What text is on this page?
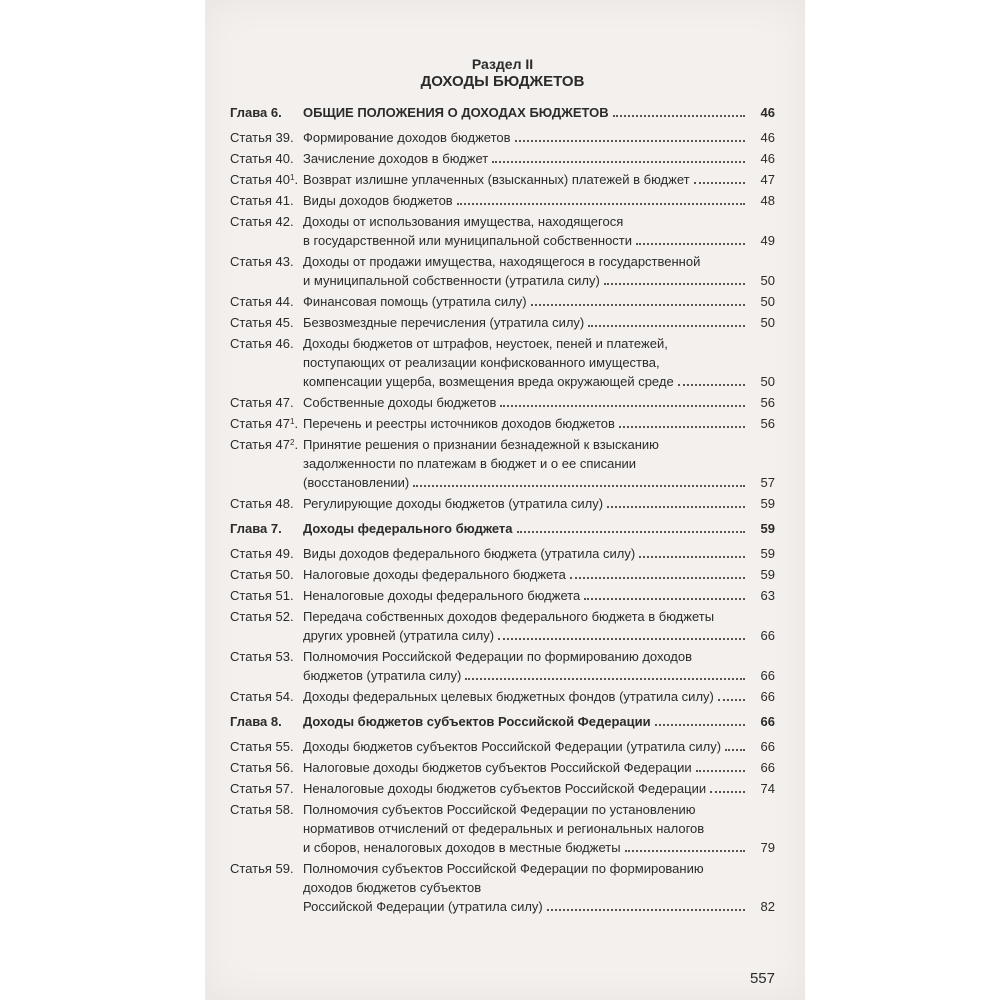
Раздел II
ДОХОДЫ БЮДЖЕТОВ
Глава 6. ОБЩИЕ ПОЛОЖЕНИЯ О ДОХОДАХ БЮДЖЕТОВ	46
Статья 39. Формирование доходов бюджетов	46
Статья 40. Зачисление доходов в бюджет	46
Статья $40^1$. Возврат излишне уплаченных (взысканных) платежей в бюджет	47
Статья 41. Виды доходов бюджетов	48
Статья 42. Доходы от использования имущества, находящегося
в государственной или муниципальной собственности	49
Статья 43. Доходы от продажи имущества, находящегося в государственной
и муниципальной собственности (утратила силу)	50
Статья 44. Финансовая помощь (утратила силу)	50
Статья 45. Безвозмездные перечисления (утратила силу)	50
Статья 46. Доходы бюджетов от штрафов, неустоек, пеней и платежей,
поступающих от реализации конфискованного имущества,
компенсации ущерба, возмещения вреда окружающей среде	50
Статья 47. Собственные доходы бюджетов	56
Статья $47^1$. Перечень и реестры источников доходов бюджетов	56
Статья $47^2$. Принятие решения о признании безнадежной к взысканию
задолженности по платежам в бюджет и о ее списании
(восстановлении)	57
Статья 48. Регулирующие доходы бюджетов (утратила силу)	59
Глава 7. Доходы федерального бюджета	59
Статья 49. Виды доходов федерального бюджета (утратила силу)	59
Статья 50. Налоговые доходы федерального бюджета	59
Статья 51. Неналоговые доходы федерального бюджета	63
Статья 52. Передача собственных доходов федерального бюджета в бюджеты
других уровней (утратила силу)	66
Статья 53. Полномочия Российской Федерации по формированию доходов
бюджетов (утратила силу)	66
Статья 54. Доходы федеральных целевых бюджетных фондов (утратила силу)	66
Глава 8. Доходы бюджетов субъектов Российской Федерации	66
Статья 55. Доходы бюджетов субъектов Российской Федерации (утратила силу)	66
Статья 56. Налоговые доходы бюджетов субъектов Российской Федерации	66
Статья 57. Неналоговые доходы бюджетов субъектов Российской Федерации	74
Статья 58. Полномочия субъектов Российской Федерации по установлению
нормативов отчислений от федеральных и региональных налогов
и сборов, неналоговых доходов в местные бюджеты	79
Статья 59. Полномочия субъектов Российской Федерации по формированию
доходов бюджетов субъектов
Российской Федерации (утратила силу)	82
557
